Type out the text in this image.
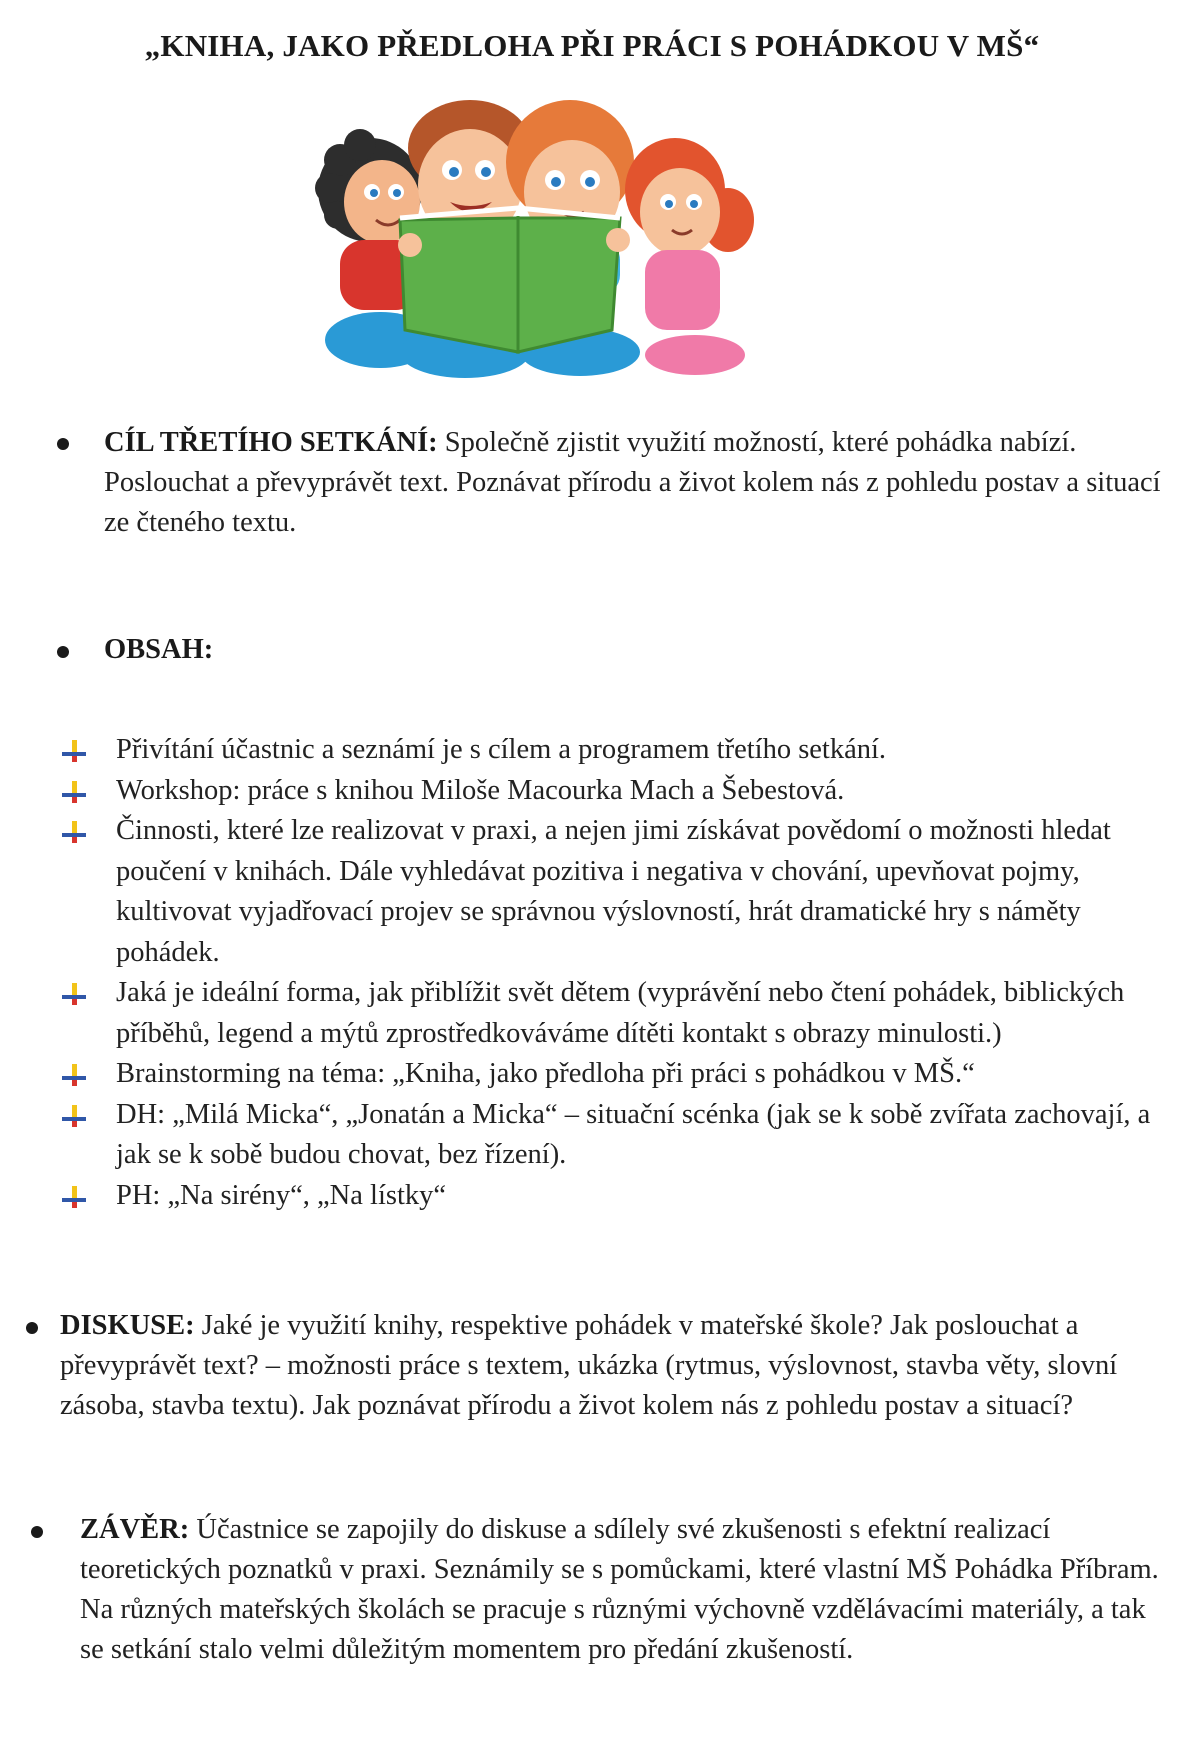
„KNIHA, JAKO PŘEDLOHA PŘI PRÁCI S POHÁDKOU V MŠ“
CÍL TŘETÍHO SETKÁNÍ: Společně zjistit využití možností, které pohádka nabízí. Poslouchat a převyprávět text. Poznávat přírodu a život kolem nás z pohledu postav a situací ze čteného textu.
OBSAH:
Přivítání účastnic a seznámí je s cílem a programem třetího setkání.
Workshop: práce s knihou Miloše Macourka Mach a Šebestová.
Činnosti, které lze realizovat v praxi, a nejen jimi získávat povědomí o možnosti hledat poučení v knihách. Dále vyhledávat pozitiva i negativa v chování, upevňovat pojmy, kultivovat vyjadřovací projev se správnou výslovností, hrát dramatické hry s náměty pohádek.
Jaká je ideální forma, jak přiblížit svět dětem (vyprávění nebo čtení pohádek, biblických příběhů, legend a mýtů zprostředkováváme dítěti kontakt s obrazy minulosti.)
Brainstorming na téma: „Kniha, jako předloha při práci s pohádkou v MŠ.“
DH: „Milá Micka“, „Jonatán a Micka“ – situační scénka (jak se k sobě zvířata zachovají, a jak se k sobě budou chovat, bez řízení).
PH: „Na sirény“, „Na lístky“
DISKUSE: Jaké je využití knihy, respektive pohádek v mateřské škole? Jak poslouchat a převyprávět text? – možnosti práce s textem, ukázka (rytmus, výslovnost, stavba věty, slovní zásoba, stavba textu). Jak poznávat přírodu a život kolem nás z pohledu postav a situací?
ZÁVĚR: Účastnice se zapojily do diskuse a sdílely své zkušenosti s efektní realizací teoretických poznatků v praxi. Seznámily se s pomůckami, které vlastní MŠ Pohádka Příbram. Na různých mateřských školách se pracuje s různými výchovně vzdělávacími materiály, a tak se setkání stalo velmi důležitým momentem pro předání zkušeností.
